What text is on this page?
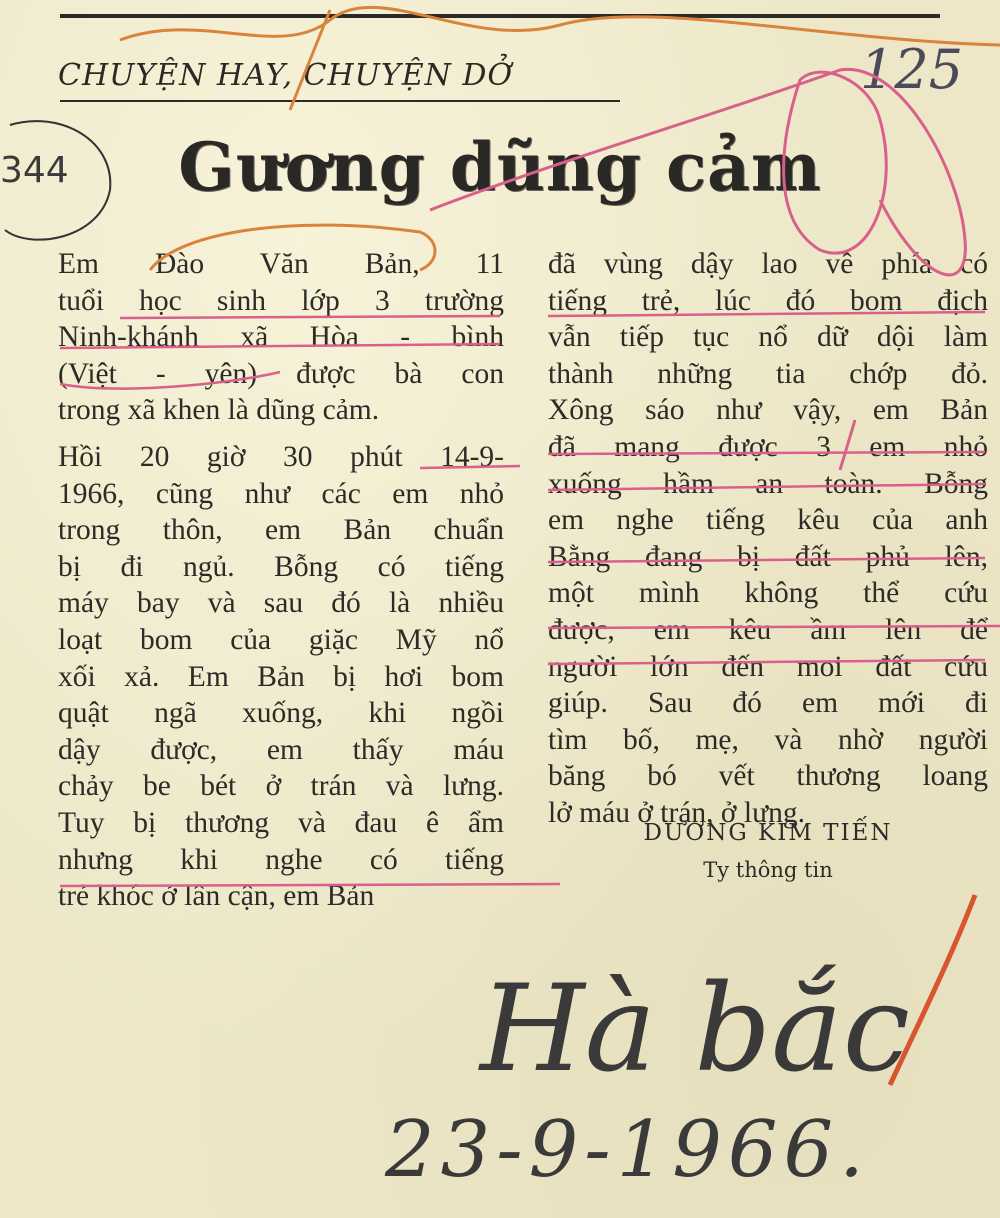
CHUYỆN HAY, CHUYỆN DỞ
344
125
Gương dũng cảm
Em Đào Văn Bản, 11
tuổi học sinh lớp 3 trường
Ninh-khánh xã Hòa - bình
(Việt - yên) được bà con
trong xã khen là dũng cảm.
Hồi 20 giờ 30 phút 14-9-
1966, cũng như các em nhỏ
trong thôn, em Bản chuẩn
bị đi ngủ. Bỗng có tiếng
máy bay và sau đó là nhiều
loạt bom của giặc Mỹ nổ
xối xả. Em Bản bị hơi bom
quật ngã xuống, khi ngồi
dậy được, em thấy máu
chảy be bét ở trán và lưng.
Tuy bị thương và đau ê ẩm
nhưng khi nghe có tiếng
trẻ khóc ở lân cận, em Bản
đã vùng dậy lao về phía có
tiếng trẻ, lúc đó bom địch
vẫn tiếp tục nổ dữ dội làm
thành những tia chớp đỏ.
Xông sáo như vậy, em Bản
đã mang được 3 em nhỏ
xuống hầm an toàn. Bỗng
em nghe tiếng kêu của anh
Bằng đang bị đất phủ lên,
một mình không thể cứu
được, em kêu ầm lên để
người lớn đến moi đất cứu
giúp. Sau đó em mới đi
tìm bố, mẹ, và nhờ người
băng bó vết thương loang
lở máu ở trán, ở lưng.
DƯƠNG KIM TIẾN
Ty thông tin
Hà bắc
23-9-1966.
